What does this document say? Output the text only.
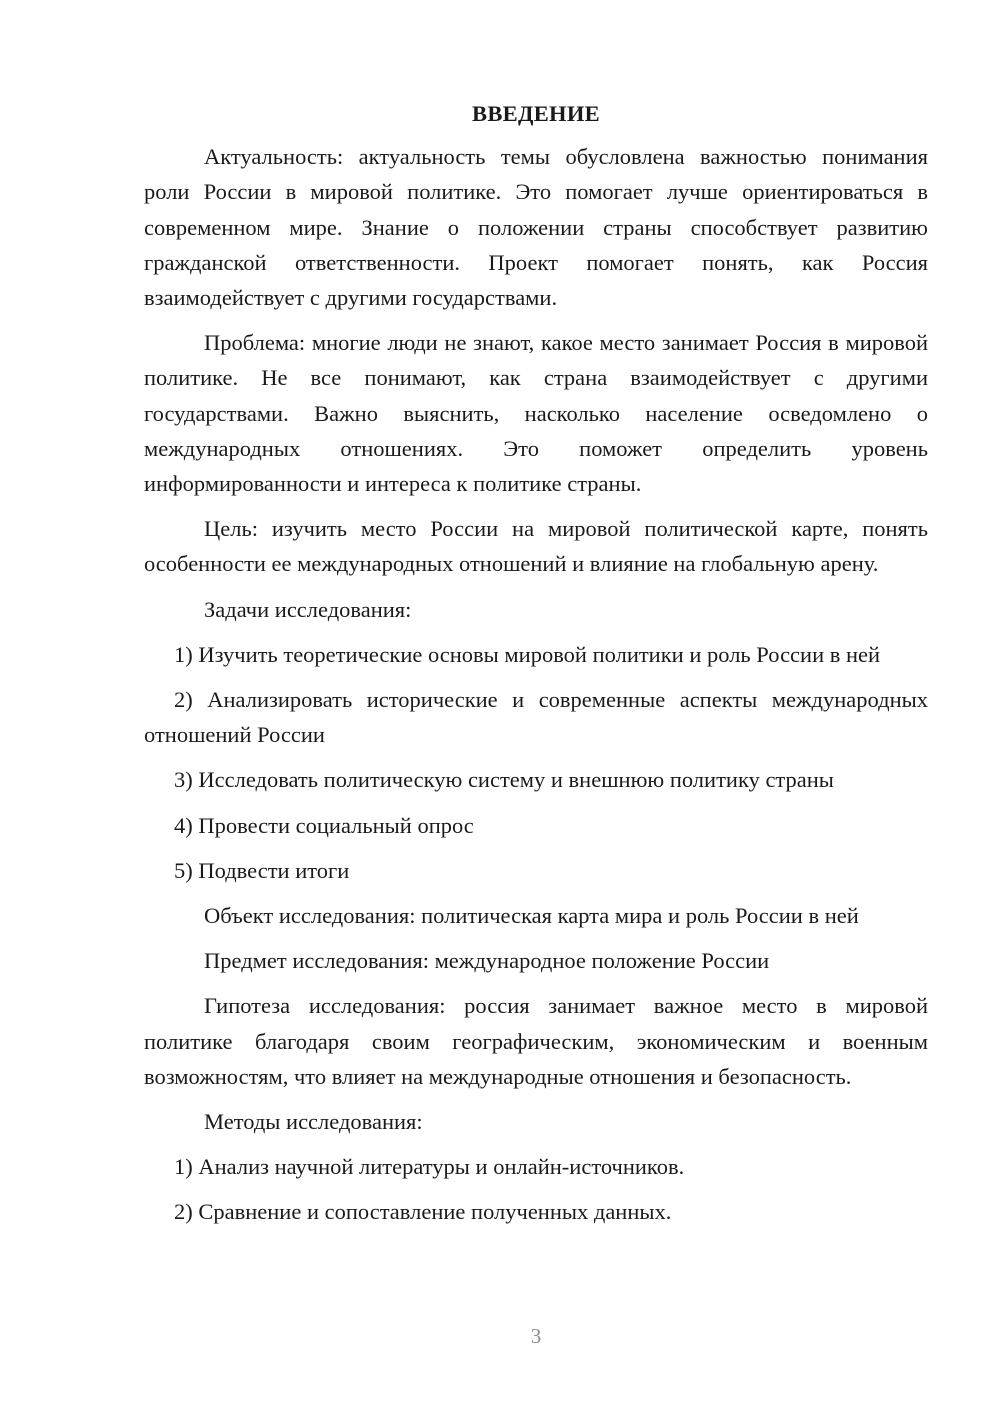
ВВЕДЕНИЕ

Актуальность: актуальность темы обусловлена важностью понимания роли России в мировой политике. Это помогает лучше ориентироваться в современном мире. Знание о положении страны способствует развитию гражданской ответственности. Проект помогает понять, как Россия взаимодействует с другими государствами.

Проблема: многие люди не знают, какое место занимает Россия в мировой политике. Не все понимают, как страна взаимодействует с другими государствами. Важно выяснить, насколько население осведомлено о международных отношениях. Это поможет определить уровень информированности и интереса к политике страны.

Цель: изучить место России на мировой политической карте, понять особенности ее международных отношений и влияние на глобальную арену.

Задачи исследования:

1) Изучить теоретические основы мировой политики и роль России в ней

2) Анализировать исторические и современные аспекты международных отношений России

3) Исследовать политическую систему и внешнюю политику страны

4) Провести социальный опрос

5) Подвести итоги

Объект исследования: политическая карта мира и роль России в ней

Предмет исследования: международное положение России

Гипотеза исследования: россия занимает важное место в мировой политике благодаря своим географическим, экономическим и военным возможностям, что влияет на международные отношения и безопасность.

Методы исследования:

1) Анализ научной литературы и онлайн-источников.

2) Сравнение и сопоставление полученных данных.

3
